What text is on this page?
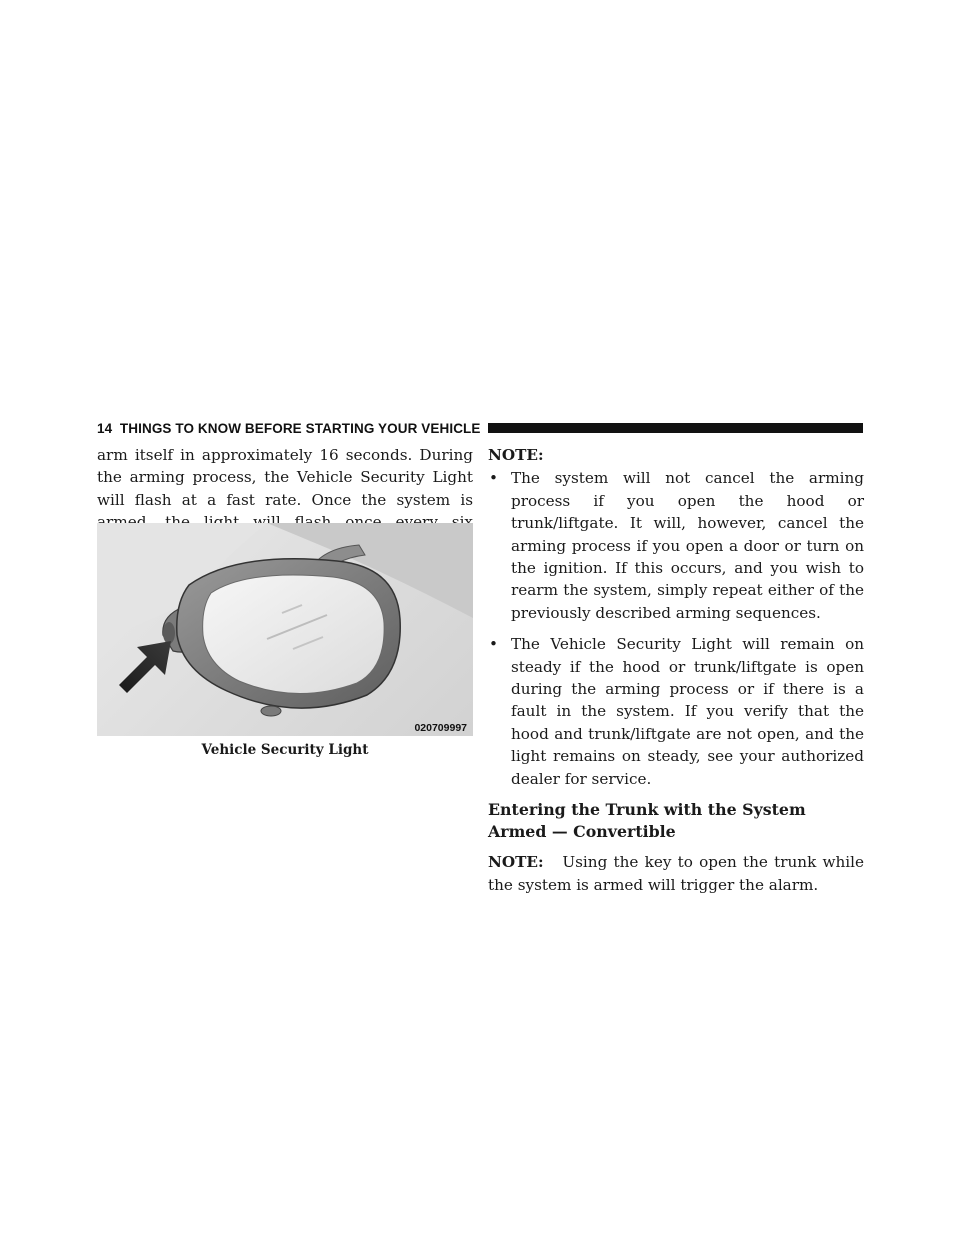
14 THINGS TO KNOW BEFORE STARTING YOUR VEHICLE

arm itself in approximately 16 seconds. During the arming process, the Vehicle Security Light will flash at a fast rate. Once the system is

020709997
Vehicle Security Light

NOTE:

• The system will not cancel the arming process if you open the hood or trunk/liftgate. It will, however, cancel the arming process if you open a door or turn on the ignition. If this occurs, and you wish to rearm the system, simply repeat either of the previously described arming sequences.
• The Vehicle Security Light will remain on steady if the hood or trunk/liftgate is open during the arming process or if there is a fault in the system. If you verify that the hood and trunk/liftgate are not open, and the light remains on steady, see your authorized dealer for service.

Entering the Trunk with the System Armed — Convertible

NOTE: Using the key to open the trunk while the system is armed will trigger the alarm.
